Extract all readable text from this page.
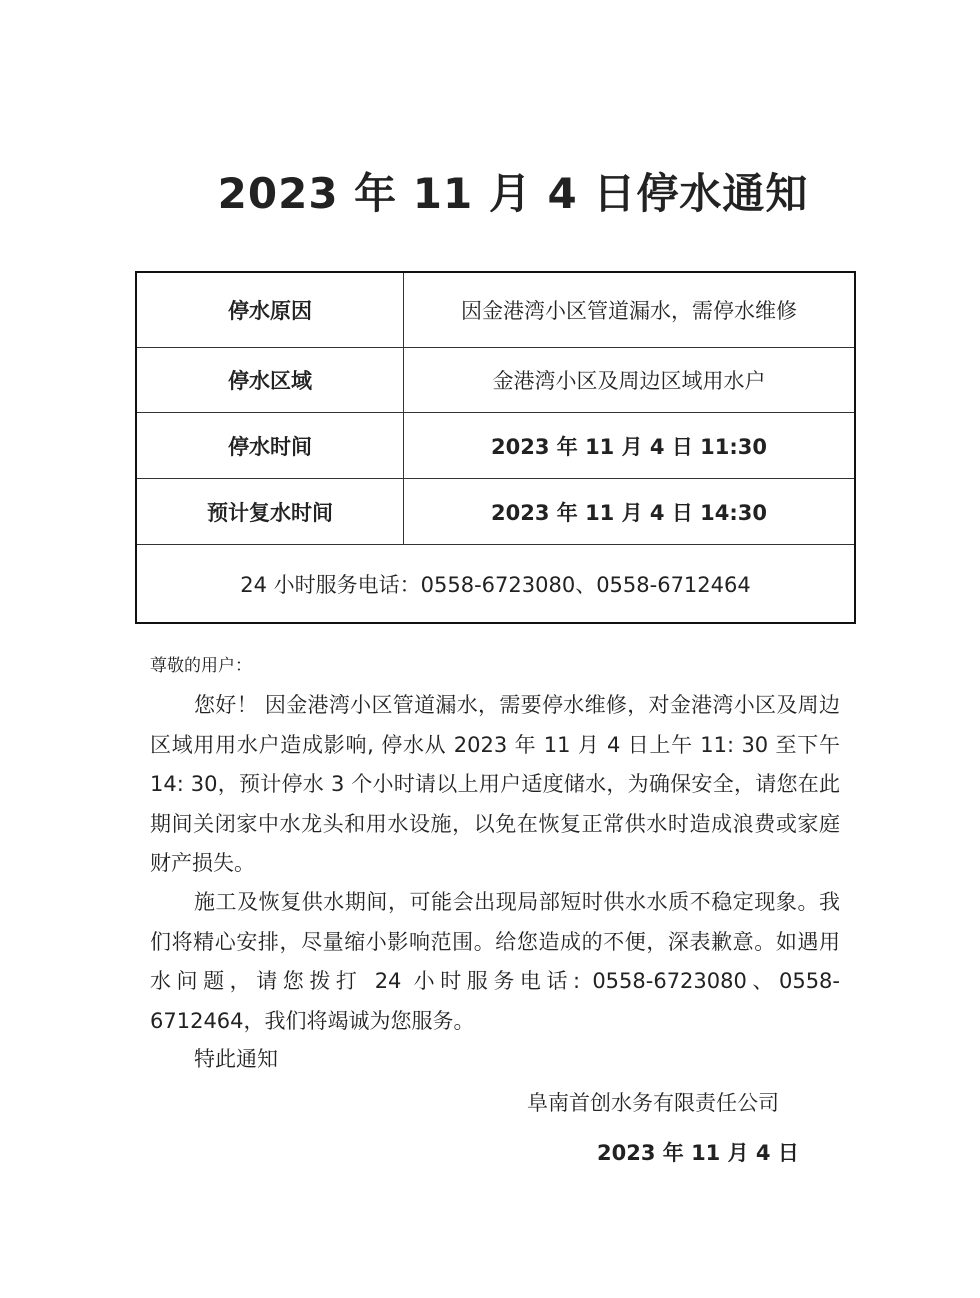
2023 年 11 月 4 日停水通知
停水原因	因金港湾小区管道漏水，需停水维修
停水区域	金港湾小区及周边区域用水户
停水时间	2023 年 11 月 4 日 11:30
预计复水时间	2023 年 11 月 4 日 14:30
24 小时服务电话：0558-6723080、0558-6712464	
尊敬的用户：

您好！ 因金港湾小区管道漏水，需要停水维修，对金港湾小区及周边区域用用水户造成影响, 停水从 2023 年 11 月 4 日上午 11: 30 至下午 14: 30，预计停水 3 个小时请以上用户适度储水，为确保安全，请您在此期间关闭家中水龙头和用水设施，以免在恢复正常供水时造成浪费或家庭财产损失。

施工及恢复供水期间，可能会出现局部短时供水水质不稳定现象。我们将精心安排，尽量缩小影响范围。给您造成的不便，深表歉意。如遇用水问题，请您拨打 24 小时服务电话: 0558-6723080、0558-6712464，我们将竭诚为您服务。

特此通知

阜南首创水务有限责任公司
2023 年 11 月 4 日
